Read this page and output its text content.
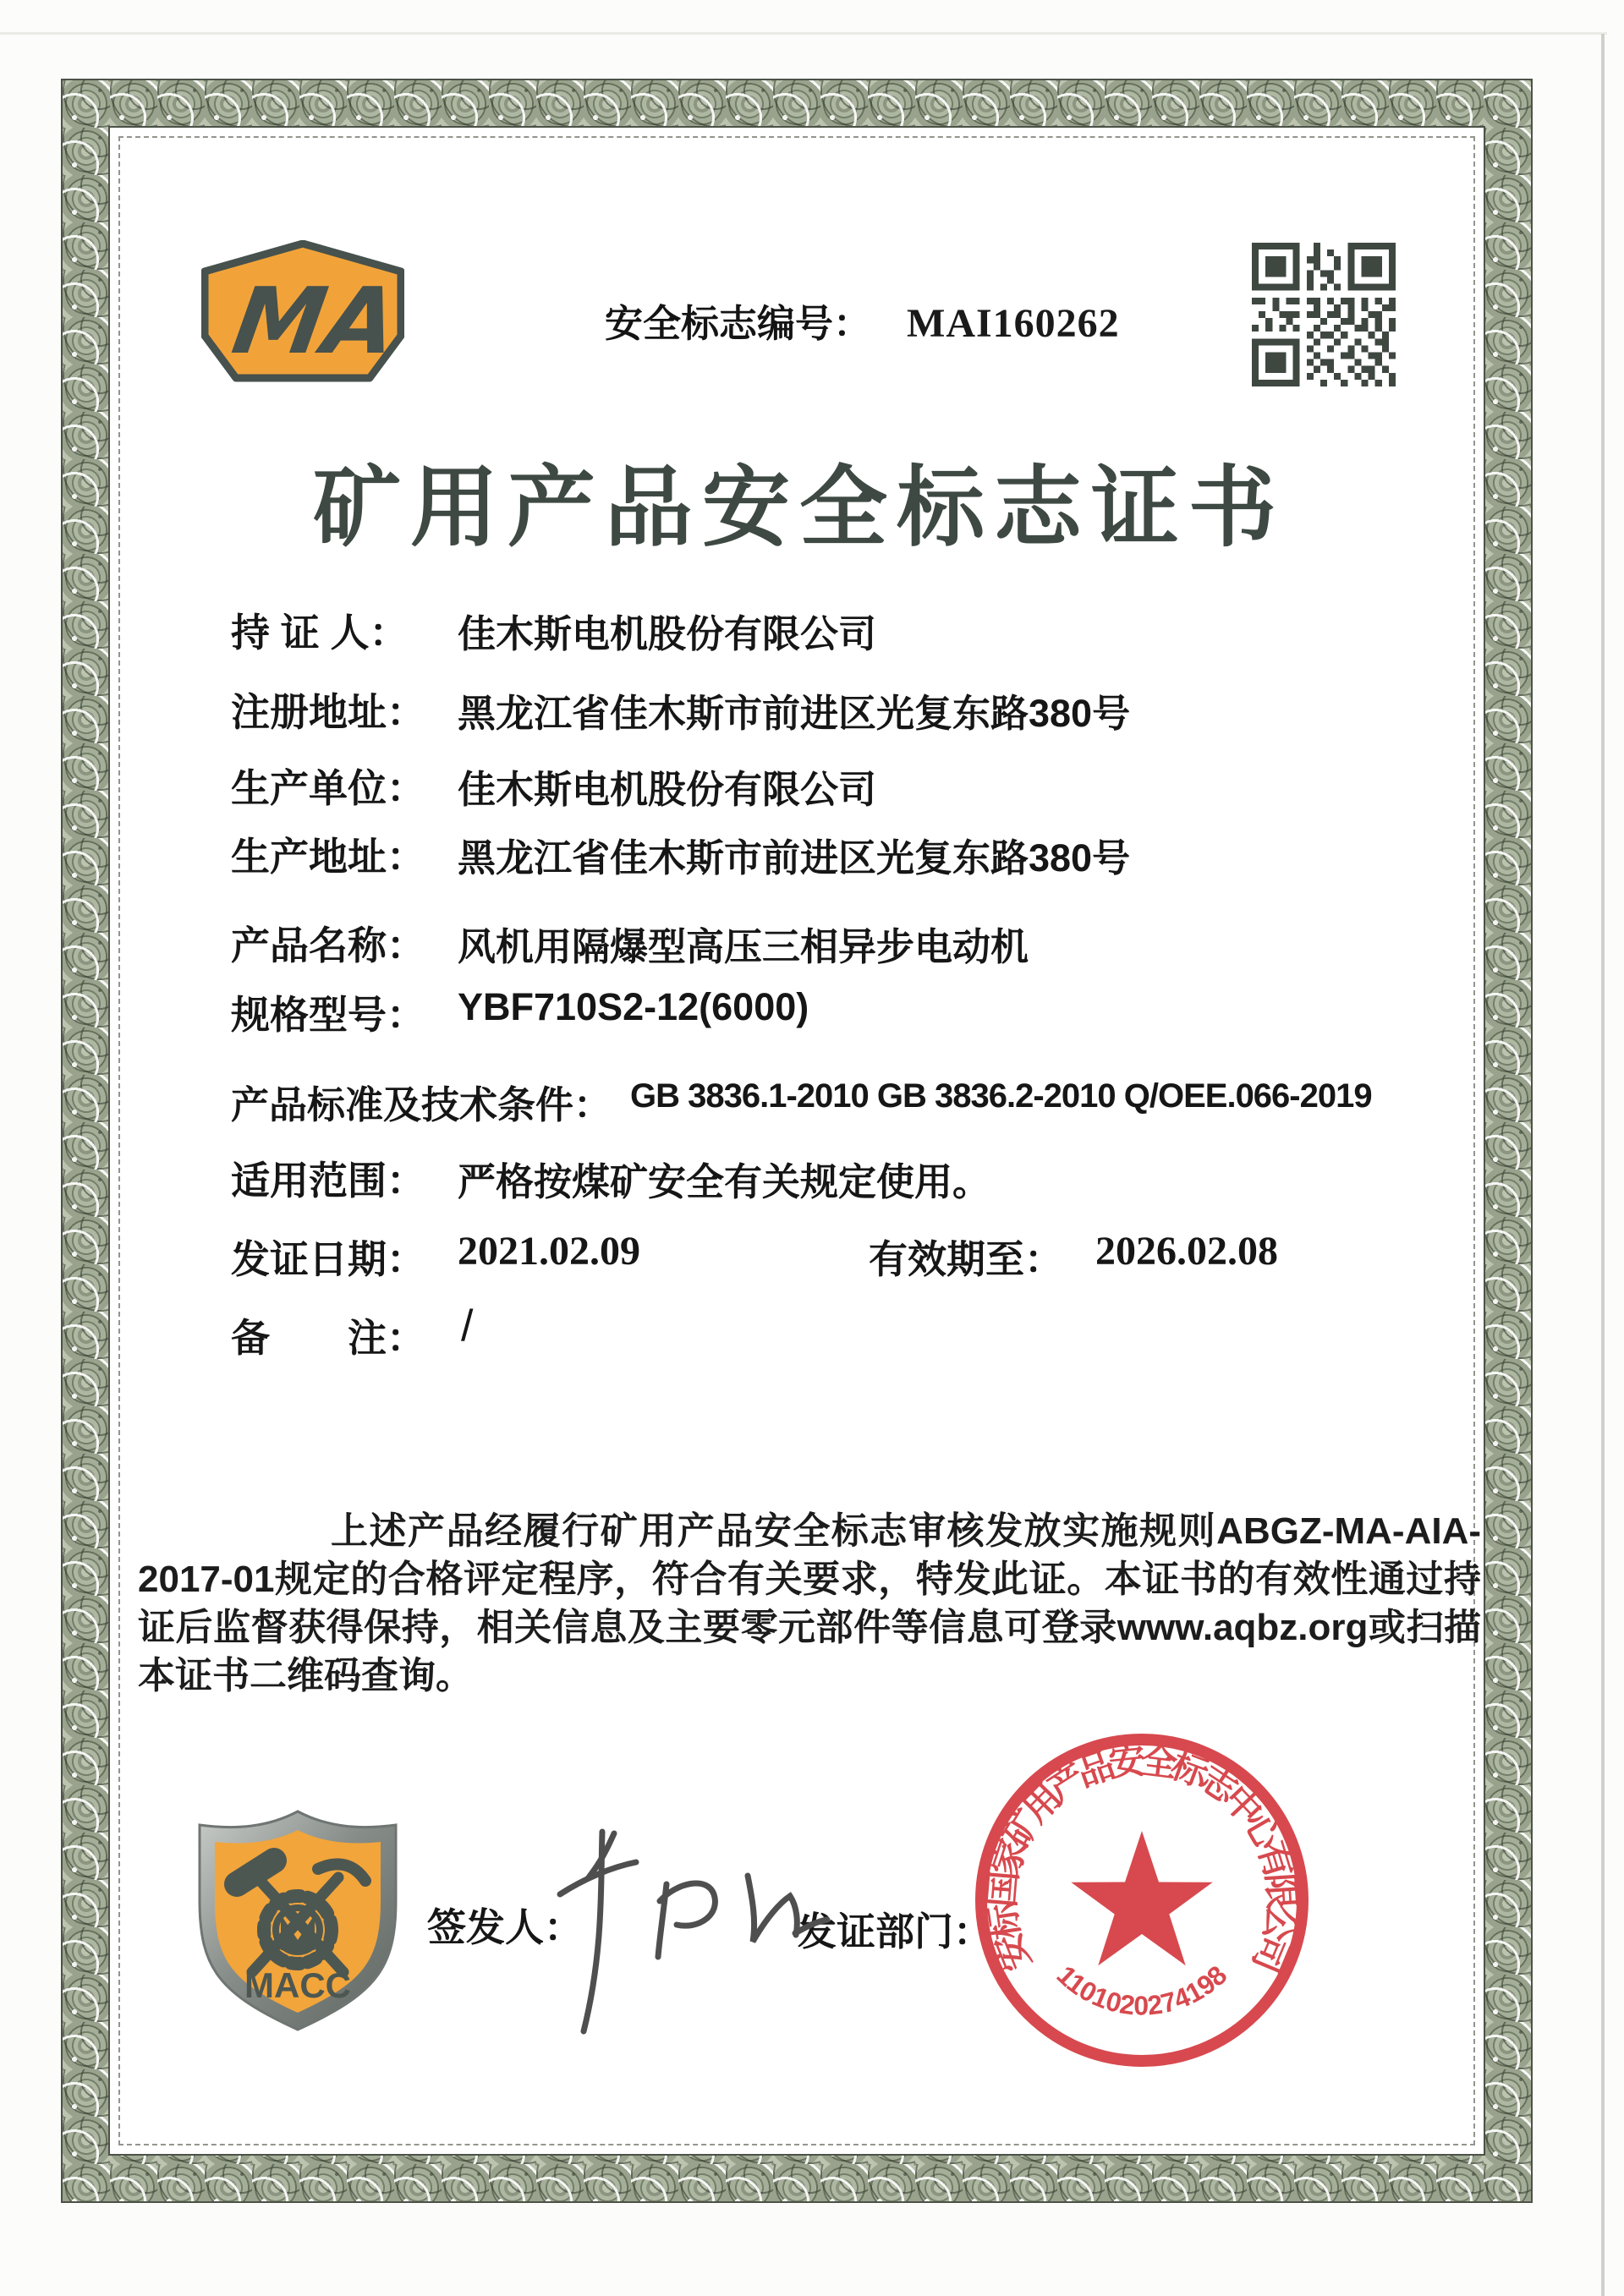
MA	安全标志编号： MAI160262
矿用产品安全标志证书
持 证 人： 佳木斯电机股份有限公司
注册地址： 黑龙江省佳木斯市前进区光复东路380号
生产单位： 佳木斯电机股份有限公司
生产地址： 黑龙江省佳木斯市前进区光复东路380号
产品名称： 风机用隔爆型高压三相异步电动机
规格型号： YBF710S2-12(6000)
产品标准及技术条件： GB 3836.1-2010 GB 3836.2-2010 Q/OEE.066-2019
适用范围： 严格按煤矿安全有关规定使用。
发证日期： 2021.02.09	有效期至： 2026.02.08
备　　注： /
上述产品经履行矿用产品安全标志审核发放实施规则ABGZ-MA-AIA-2017-01规定的合格评定程序，符合有关要求，特发此证。本证书的有效性通过持证后监督获得保持，相关信息及主要零元部件等信息可登录www.aqbz.org或扫描本证书二维码查询。
MACC
签发人：	发证部门：
安标国家矿用产品安全标志中心有限公司
1101020274198
